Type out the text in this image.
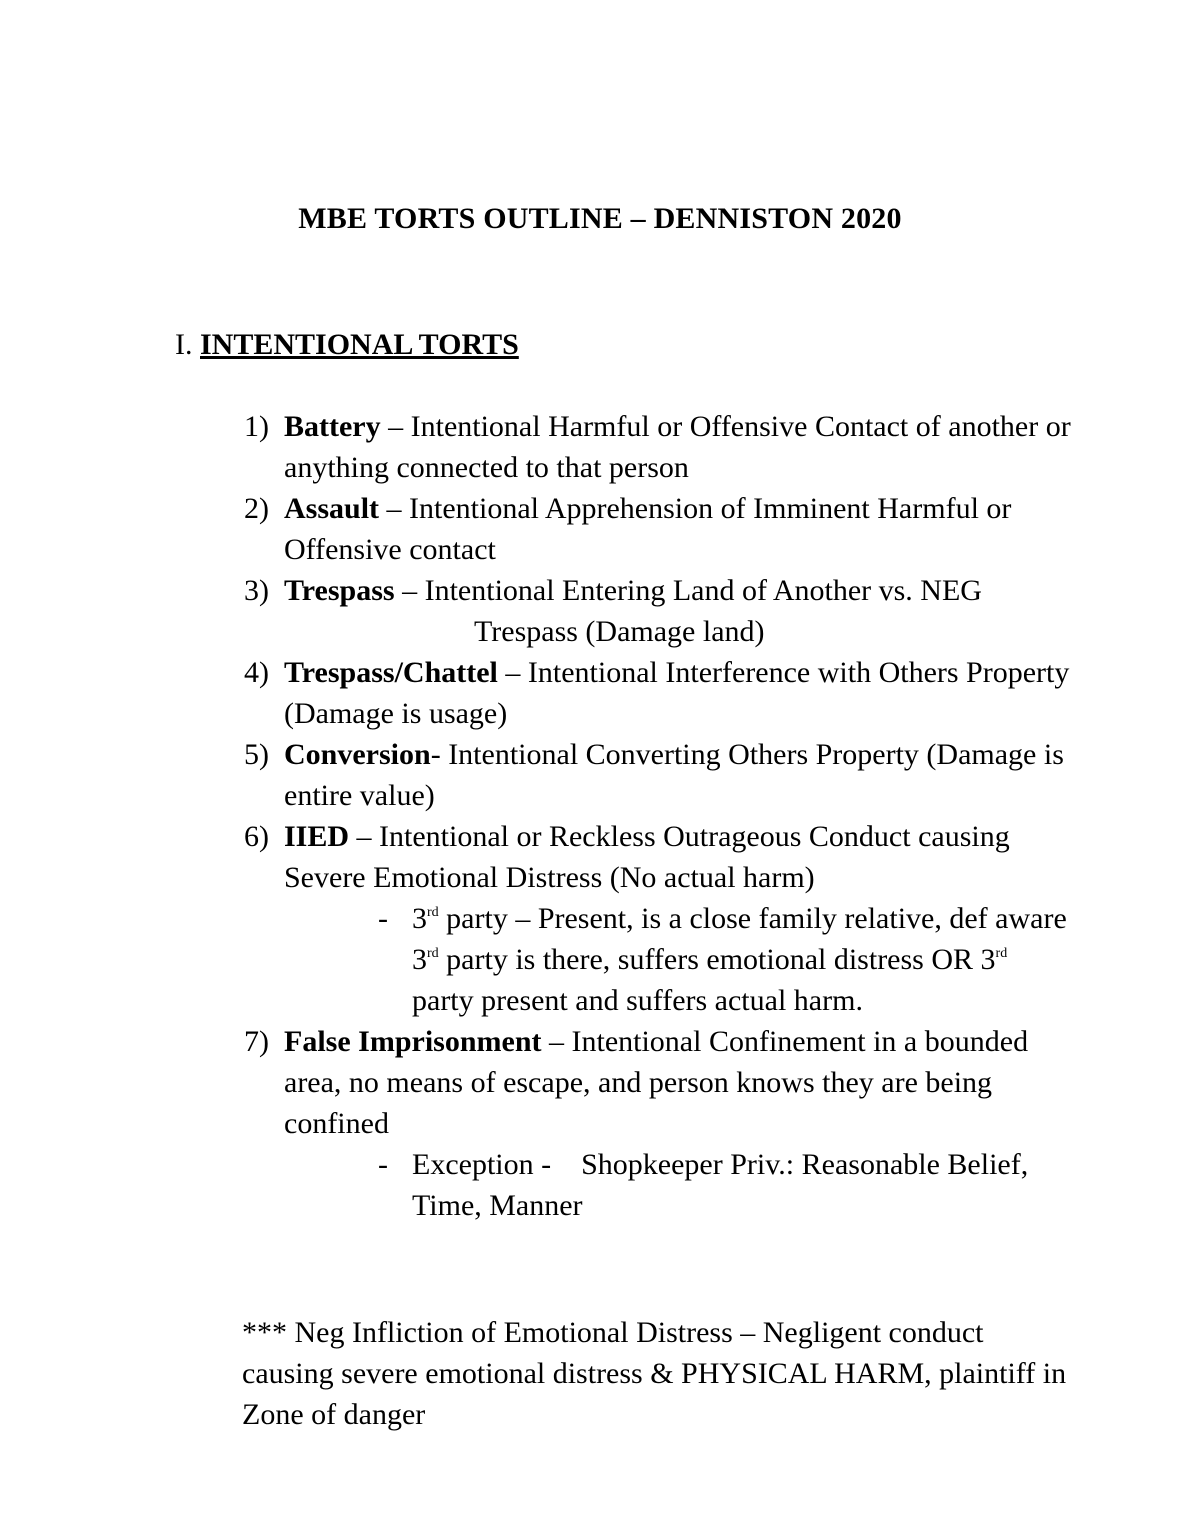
MBE TORTS OUTLINE – DENNISTON 2020
I. INTENTIONAL TORTS
1) Battery – Intentional Harmful or Offensive Contact of another or anything connected to that person
2) Assault – Intentional Apprehension of Imminent Harmful or Offensive contact
3) Trespass – Intentional Entering Land of Another vs. NEG
Trespass (Damage land)
4) Trespass/Chattel – Intentional Interference with Others Property (Damage is usage)
5) Conversion- Intentional Converting Others Property (Damage is entire value)
6) IIED – Intentional or Reckless Outrageous Conduct causing Severe Emotional Distress (No actual harm)
- 3rd party – Present, is a close family relative, def aware 3rd party is there, suffers emotional distress OR 3rd party present and suffers actual harm.
7) False Imprisonment – Intentional Confinement in a bounded area, no means of escape, and person knows they are being confined
- Exception -    Shopkeeper Priv.: Reasonable Belief, Time, Manner
*** Neg Infliction of Emotional Distress – Negligent conduct causing severe emotional distress & PHYSICAL HARM, plaintiff in Zone of danger
